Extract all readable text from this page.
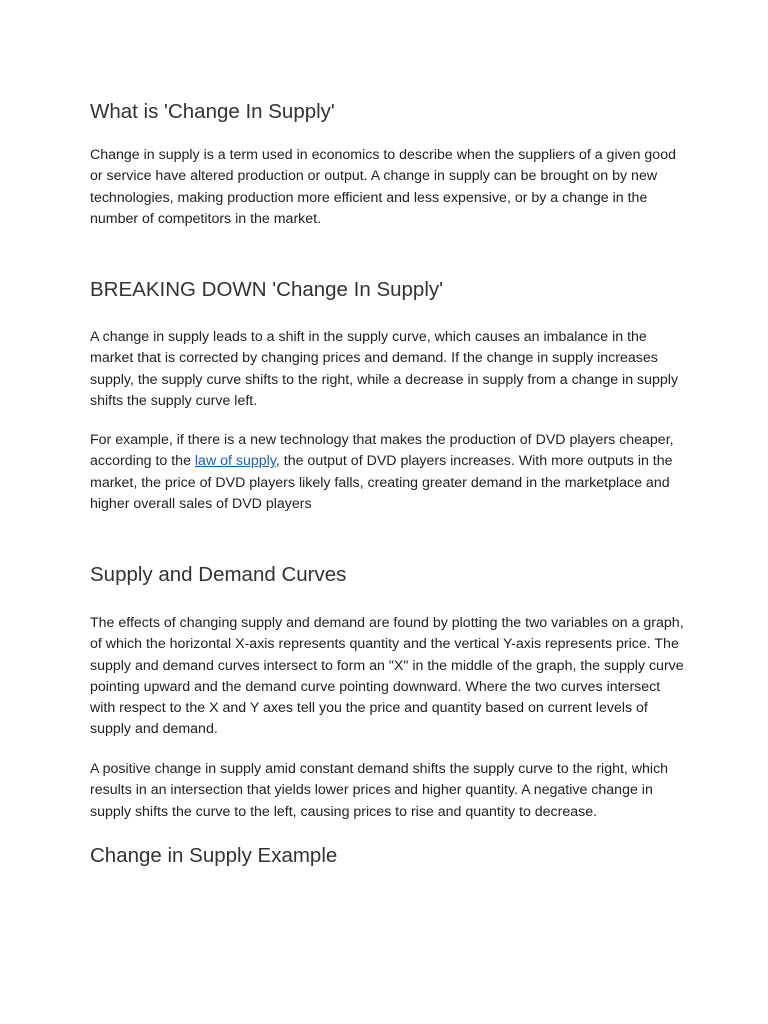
What is 'Change In Supply'

Change in supply is a term used in economics to describe when the suppliers of a given good or service have altered production or output. A change in supply can be brought on by new technologies, making production more efficient and less expensive, or by a change in the number of competitors in the market.

BREAKING DOWN 'Change In Supply'

A change in supply leads to a shift in the supply curve, which causes an imbalance in the market that is corrected by changing prices and demand. If the change in supply increases supply, the supply curve shifts to the right, while a decrease in supply from a change in supply shifts the supply curve left.

For example, if there is a new technology that makes the production of DVD players cheaper, according to the law of supply, the output of DVD players increases. With more outputs in the market, the price of DVD players likely falls, creating greater demand in the marketplace and higher overall sales of DVD players

Supply and Demand Curves

The effects of changing supply and demand are found by plotting the two variables on a graph, of which the horizontal X-axis represents quantity and the vertical Y-axis represents price. The supply and demand curves intersect to form an "X" in the middle of the graph, the supply curve pointing upward and the demand curve pointing downward. Where the two curves intersect with respect to the X and Y axes tell you the price and quantity based on current levels of supply and demand.

A positive change in supply amid constant demand shifts the supply curve to the right, which results in an intersection that yields lower prices and higher quantity. A negative change in supply shifts the curve to the left, causing prices to rise and quantity to decrease.

Change in Supply Example
